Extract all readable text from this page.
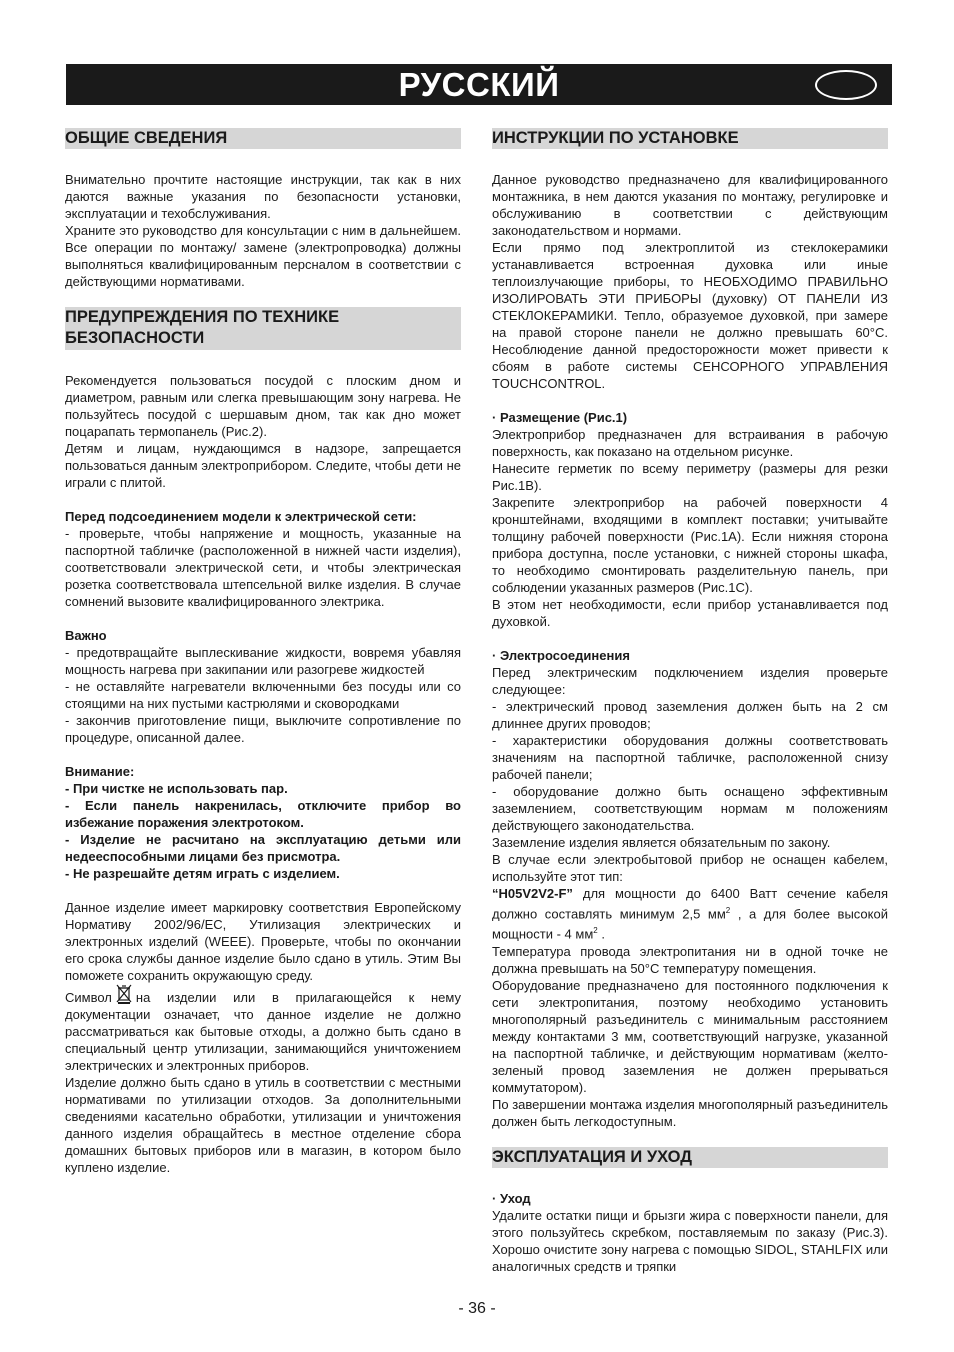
РУССКИЙ
ОБЩИЕ СВЕДЕНИЯ

Внимательно прочтите настоящие инструкции, так как в них даются важные указания по безопасности установки, эксплуатации и техобслуживания.

Храните это руководство для консультации с ним в дальнейшем. Все операции по монтажу/ замене (электропроводка) должны выполняться квалифицированным персналом в соответствии с действующими нормативами.

ПРЕДУПРЕЖДЕНИЯ ПО ТЕХНИКЕ БЕЗОПАСНОСТИ

Рекомендуется пользоваться посудой с плоским дном и диаметром, равным или слегка превышающим зону нагрева. Не пользуйтесь посудой с шершавым дном, так как дно может поцарапать термопанель (Рис.2).

Детям и лицам, нуждающимся в надзоре, запрещается пользоваться данным электроприбором. Следите, чтобы дети не играли с плитой.

Перед подсоединением модели к электрической сети:

- проверьте, чтобы напряжение и мощность, указанные на паспортной табличке (расположенной в нижней части изделия), соответствовали электрической сети, и чтобы электрическая розетка соответствовала штепсельной вилке изделия. В случае сомнений вызовите квалифицированного электрика.

Важно

- предотвращайте выплескивание жидкости, вовремя убавляя мощность нагрева при закипании или разогреве жидкостей

- не оставляйте нагреватели включенными без посуды или со стоящими на них пустыми кастрюлями и сковородками

- закончив приготовление пищи, выключите сопротивление по процедуре, описанной далее.

Внимание:

- При чистке не использовать пар.

- Если панель накренилась, отключите прибор во избежание поражения электротоком.

- Изделие не расчитано на эксплуатацию детьми или недееспособными лицами без присмотра.

- Не разрешайте детям играть с изделием.

Данное изделие имеет маркировку соответствия Европейскому Нормативу 2002/96/ЕС, Утилизация электрических и электронных изделий (WEEE). Проверьте, чтобы по окончании его срока службы данное изделие было сдано в утиль. Этим Вы поможете сохранить окружающую среду.

Символ на изделии или в прилагающейся к нему документации означает, что данное изделие не должно рассматриваться как бытовые отходы, а должно быть сдано в специальный центр утилизации, занимающийся уничтожением электрических и электронных приборов.

Изделие должно быть сдано в утиль в соответствии с местными нормативами по утилизации отходов. За дополнительными сведениями касательно обработки, утилизации и уничтожения данного изделия обращайтесь в местное отделение сбора домашних бытовых приборов или в магазин, в котором было куплено изделие.

ИНСТРУКЦИИ ПО УСТАНОВКЕ

Данное руководство предназначено для квалифицированного монтажника, в нем даются указания по монтажу, регулировке и обслуживанию в соответствии с действующим законодательством и нормами.

Если прямо под электроплитой из стеклокерамики устанавливается встроенная духовка или иные теплоизлучающие приборы, то НЕОБХОДИМО ПРАВИЛЬНО ИЗОЛИРОВАТЬ ЭТИ ПРИБОРЫ (духовку) ОТ ПАНЕЛИ ИЗ СТЕКЛОКЕРАМИКИ. Тепло, образуемое духовкой, при замере на правой стороне панели не должно превышать 60°С. Несоблюдение данной предосторожности может привести к сбоям в работе системы СЕНСОРНОГО УПРАВЛЕНИЯ TOUCHCONTROL.

· Размещение (Рис.1)

Электроприбор предназначен для встраивания в рабочую поверхность, как показано на отдельном рисунке.

Нанесите герметик по всему периметру (размеры для резки Рис.1B).

Закрепите электроприбор на рабочей поверхности 4 кронштейнами, входящими в комплект поставки; учитывайте толщину рабочей поверхности (Рис.1A). Если нижняя сторона прибора доступна, после установки, с нижней стороны шкафа, то необходимо смонтировать разделительную панель, при соблюдении указанных размеров (Рис.1C).

В этом нет необходимости, если прибор устанавливается под духовкой.

· Электросоединения

Перед электрическим подключением изделия проверьте следующее:

- электрический провод заземления должен быть на 2 см длиннее других проводов;

- характеристики оборудования должны соответствовать значениям на паспортной табличке, расположенной снизу рабочей панели;

- оборудование должно быть оснащено эффективным заземлением, соответствующим нормам м положениям действующего законодательства.

Заземление изделия является обязательным по закону.

В случае если электробытовой прибор не оснащен кабелем, используйте этот тип:

“H05V2V2-F” для мощности до 6400 Ватт сечение кабеля должно составлять минимум 2,5 $мм^2$ , а для более высокой мощности - 4 $мм^2$ .

Температура провода электропитания ни в одной точке не должна превышать на 50°С температуру помещения.

Оборудование предназначено для постоянного подключения к сети электропитания, поэтому необходимо установить многополярный разъединитель с минимальным расстоянием между контактами 3 мм, соответствующий нагрузке, указанной на паспортной табличке, и действующим нормативам (желто-зеленый провод заземления не должен прерываться коммутатором).

По завершении монтажа изделия многополярный разъединитель должен быть легкодоступным.

ЭКСПЛУАТАЦИЯ И УХОД

· Уход

Удалите остатки пищи и брызги жира с поверхности панели, для этого пользуйтесь скребком, поставляемым по заказу (Рис.3). Хорошо очистите зону нагрева с помощью SIDOL, STAHLFIX или аналогичных средств и тряпки

- 36 -
